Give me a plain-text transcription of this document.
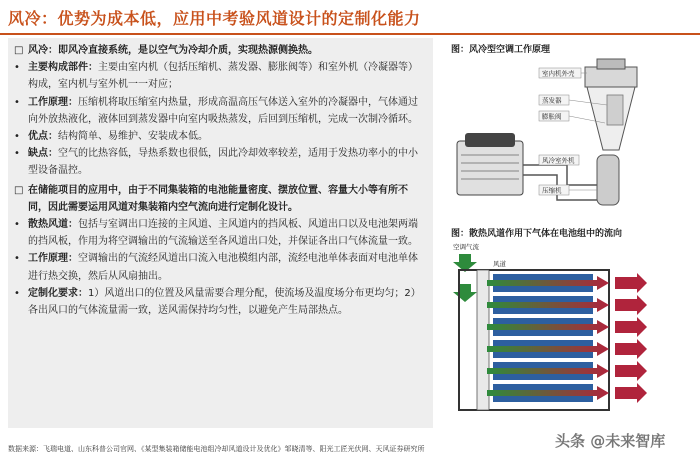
风冷：优势为成本低，应用中考验风道设计的定制化能力

□ 风冷：即风冷直接系统，是以空气为冷却介质，实现热源侧换热。

• 主要构成部件：主要由室内机（包括压缩机、蒸发器、膨胀阀等）和室外机（冷凝器等）构成，室内机与室外机一一对应；

• 工作原理：压缩机将取压缩室内热量，形成高温高压气体送入室外的冷凝器中，气体通过向外放热液化，液体回到蒸发器中向室内吸热蒸发，后回到压缩机，完成一次制冷循环。

• 优点：结构简单、易维护、安装成本低。

• 缺点：空气的比热容低，导热系数也很低，因此冷却效率较差，适用于发热功率小的中小型设备温控。

□ 在储能项目的应用中，由于不同集装箱的电池能量密度、摆放位置、容量大小等有所不同，因此需要运用风道对集装箱内空气流向进行定制化设计。

• 散热风道：包括与室调出口连接的主风道、主风道内的挡风板、风道出口以及电池架两端的挡风板，作用为将空调输出的气流输送至各风道出口处，并保证各出口气体流量一致。

• 工作原理：空调输出的气流经风道出口流入电池模组内部，流经电池单体表面对电池单体进行热交换，然后从风扇抽出。

• 定制化要求：1）风道出口的位置及风量需要合理分配，使流场及温度场分布更均匀；2）各出风口的气体流量需一致，送风需保持均匀性，以避免产生局部热点。

图：风冷型空调工作原理
室内机外壳
蒸发器
膨胀阀
风冷室外机
压缩机
图：散热风道作用下气体在电池组中的流向
空调气流
风道
数据来源：飞瑞电道、山东科普公司官网、《某型集装箱储能电池组冷却风道设计及优化》邹晓清等、阳光工匠光伏网、天风证券研究所	头条 @未来智库
